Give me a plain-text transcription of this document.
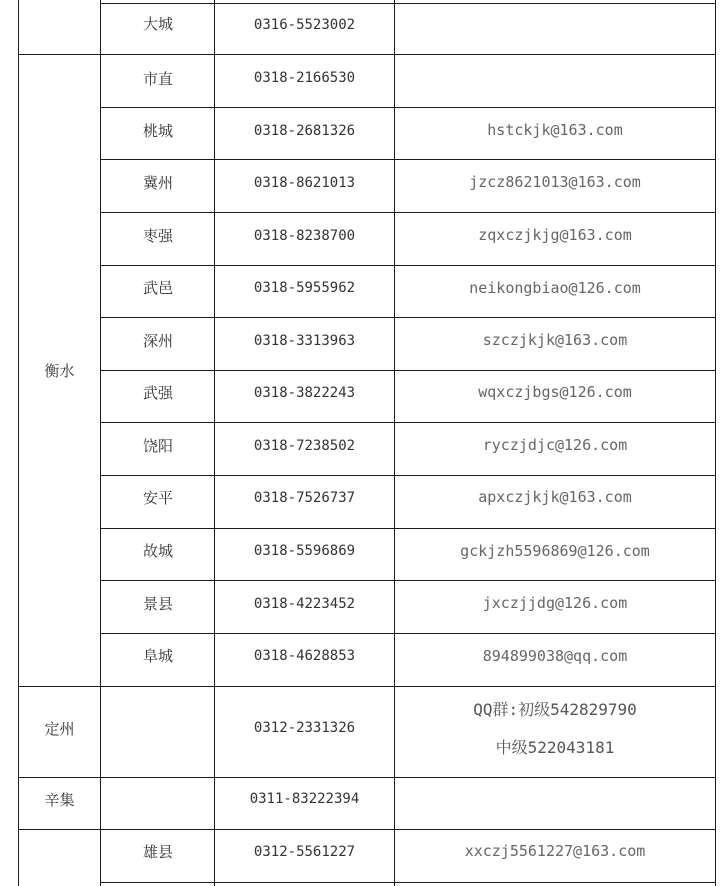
大城	0316-5523002
衡水
市直	0318-2166530
桃城	0318-2681326	hstckjk@163.com
冀州	0318-8621013	jzcz8621013@163.com
枣强	0318-8238700	zqxczjkjg@163.com
武邑	0318-5955962	neikongbiao@126.com
深州	0318-3313963	szczjkjk@163.com
武强	0318-3822243	wqxczjbgs@126.com
饶阳	0318-7238502	ryczjdjc@126.com
安平	0318-7526737	apxczjkjk@163.com
故城	0318-5596869	gckjzh5596869@126.com
景县	0318-4223452	jxczjjdg@126.com
阜城	0318-4628853	894899038@qq.com
定州	0312-2331326
QQ群:初级542829790
中级522043181
辛集	0311-83222394
雄县	0312-5561227	xxczj5561227@163.com
